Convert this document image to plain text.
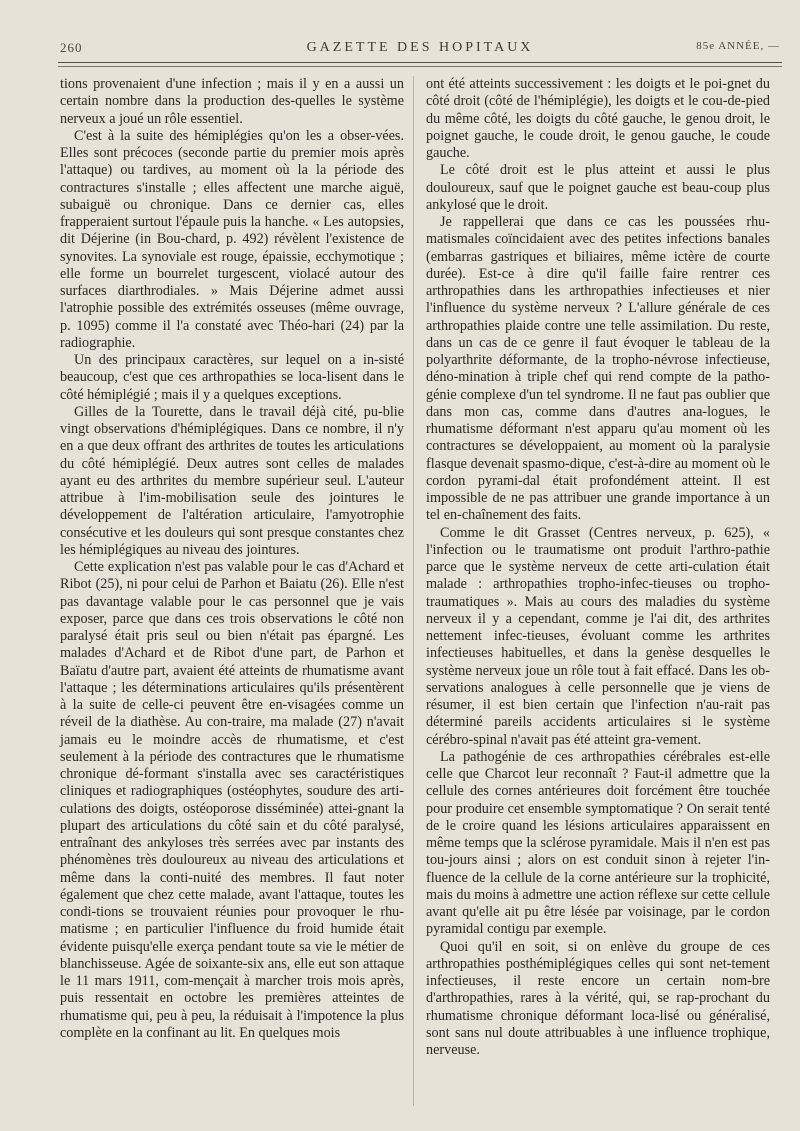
260	GAZETTE DES HOPITAUX	85e ANNÉE, —

tions provenaient d'une infection ; mais il y en a aussi un certain nombre dans la production des-quelles le système nerveux a joué un rôle essentiel.

C'est à la suite des hémiplégies qu'on les a obser-vées. Elles sont précoces (seconde partie du premier mois après l'attaque) ou tardives, au moment où la la période des contractures s'installe ; elles affectent une marche aiguë, subaiguë ou chronique. Dans ce dernier cas, elles frapperaient surtout l'épaule puis la hanche. « Les autopsies, dit Déjerine (in Bou-chard, p. 492) révèlent l'existence de synovites. La synoviale est rouge, épaissie, ecchymotique ; elle forme un bourrelet turgescent, violacé autour des surfaces diarthrodiales. » Mais Déjerine admet aussi l'atrophie possible des extrémités osseuses (même ouvrage, p. 1095) comme il l'a constaté avec Théo-hari (24) par la radiographie.

Un des principaux caractères, sur lequel on a in-sisté beaucoup, c'est que ces arthropathies se loca-lisent dans le côté hémiplégié ; mais il y a quelques exceptions.

Gilles de la Tourette, dans le travail déjà cité, pu-blie vingt observations d'hémiplégiques. Dans ce nombre, il n'y en a que deux offrant des arthrites de toutes les articulations du côté hémiplégié. Deux autres sont celles de malades ayant eu des arthrites du membre supérieur seul. L'auteur attribue à l'im-mobilisation seule des jointures le développement de l'altération articulaire, l'amyotrophie consécutive et les douleurs qui sont presque constantes chez les hémiplégiques au niveau des jointures.

Cette explication n'est pas valable pour le cas d'Achard et Ribot (25), ni pour celui de Parhon et Baiatu (26). Elle n'est pas davantage valable pour le cas personnel que je vais exposer, parce que dans ces trois observations le côté non paralysé était pris seul ou bien n'était pas épargné. Les malades d'Achard et de Ribot d'une part, de Parhon et Baïatu d'autre part, avaient été atteints de rhumatisme avant l'attaque ; les déterminations articulaires qu'ils présentèrent à la suite de celle-ci peuvent être en-visagées comme un réveil de la diathèse. Au con-traire, ma malade (27) n'avait jamais eu le moindre accès de rhumatisme, et c'est seulement à la période des contractures que le rhumatisme chronique dé-formant s'installa avec ses caractéristiques cliniques et radiographiques (ostéophytes, soudure des arti-culations des doigts, ostéoporose disséminée) attei-gnant la plupart des articulations du côté sain et du côté paralysé, entraînant des ankyloses très serrées avec par instants des phénomènes très douloureux au niveau des articulations et même dans la conti-nuité des membres. Il faut noter également que chez cette malade, avant l'attaque, toutes les condi-tions se trouvaient réunies pour provoquer le rhu-matisme ; en particulier l'influence du froid humide était évidente puisqu'elle exerça pendant toute sa vie le métier de blanchisseuse. Agée de soixante-six ans, elle eut son attaque le 11 mars 1911, com-mençait à marcher trois mois après, puis ressentait en octobre les premières atteintes de rhumatisme qui, peu à peu, la réduisait à l'impotence la plus complète en la confinant au lit. En quelques mois

ont été atteints successivement : les doigts et le poi-gnet du côté droit (côté de l'hémiplégie), les doigts et le cou-de-pied du même côté, les doigts du côté gauche, le genou droit, le poignet gauche, le coude droit, le genou gauche, le coude gauche.

Le côté droit est le plus atteint et aussi le plus douloureux, sauf que le poignet gauche est beau-coup plus ankylosé que le droit.

Je rappellerai que dans ce cas les poussées rhu-matismales coïncidaient avec des petites infections banales (embarras gastriques et biliaires, même ictère de courte durée). Est-ce à dire qu'il faille faire rentrer ces arthropathies dans les arthropathies infectieuses et nier l'influence du système nerveux ? L'allure générale de ces arthropathies plaide contre une telle assimilation. Du reste, dans un cas de ce genre il faut évoquer le tableau de la polyarthrite déformante, de la tropho-névrose infectieuse, déno-mination à triple chef qui rend compte de la patho-génie complexe d'un tel syndrome. Il ne faut pas oublier que dans mon cas, comme dans d'autres ana-logues, le rhumatisme déformant n'est apparu qu'au moment où les contractures se développaient, au moment où la paralysie flasque devenait spasmo-dique, c'est-à-dire au moment où le cordon pyrami-dal était profondément atteint. Il est impossible de ne pas attribuer une grande importance à un tel en-chaînement des faits.

Comme le dit Grasset (Centres nerveux, p. 625), « l'infection ou le traumatisme ont produit l'arthro-pathie parce que le système nerveux de cette arti-culation était malade : arthropathies tropho-infec-tieuses ou tropho-traumatiques ». Mais au cours des maladies du système nerveux il y a cependant, comme je l'ai dit, des arthrites nettement infec-tieuses, évoluant comme les arthrites infectieuses habituelles, et dans la genèse desquelles le système nerveux joue un rôle tout à fait effacé. Dans les ob-servations analogues à celle personnelle que je viens de résumer, il est bien certain que l'infection n'au-rait pas déterminé pareils accidents articulaires si le système cérébro-spinal n'avait pas été atteint gra-vement.

La pathogénie de ces arthropathies cérébrales est-elle celle que Charcot leur reconnaît ? Faut-il admettre que la cellule des cornes antérieures doit forcément être touchée pour produire cet ensemble symptomatique ? On serait tenté de le croire quand les lésions articulaires apparaissent en même temps que la sclérose pyramidale. Mais il n'en est pas tou-jours ainsi ; alors on est conduit sinon à rejeter l'in-fluence de la cellule de la corne antérieure sur la trophicité, mais du moins à admettre une action réflexe sur cette cellule avant qu'elle ait pu être lésée par voisinage, par le cordon pyramidal contigu par exemple.

Quoi qu'il en soit, si on enlève du groupe de ces arthropathies posthémiplégiques celles qui sont net-tement infectieuses, il reste encore un certain nom-bre d'arthropathies, rares à la vérité, qui, se rap-prochant du rhumatisme chronique déformant loca-lisé ou généralisé, sont sans nul doute attribuables à une influence trophique, nerveuse.
